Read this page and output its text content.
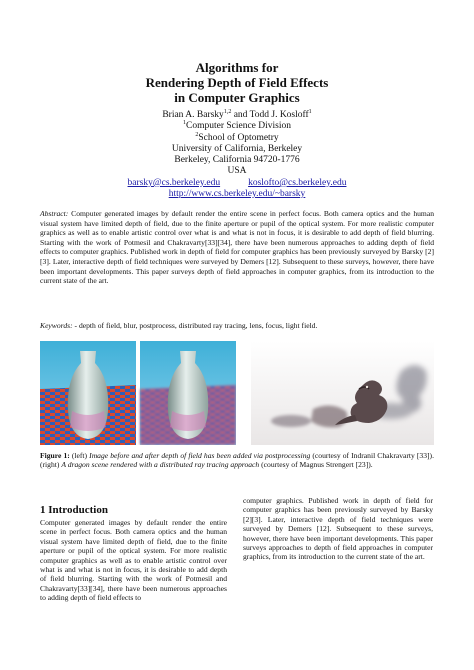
Algorithms for
Rendering Depth of Field Effects
in Computer Graphics
Brian A. Barsky$^{1,2}$ and Todd J. Kosloff$^1$
$^1$Computer Science Division
$^2$School of Optometry
University of California, Berkeley
Berkeley, California 94720-1776
USA
barsky@cs.berkeley.edu	koslofto@cs.berkeley.edu
http://www.cs.berkeley.edu/~barsky
Abstract: Computer generated images by default render the entire scene in perfect focus. Both camera optics and the human visual system have limited depth of field, due to the finite aperture or pupil of the optical system. For more realistic computer graphics as well as to enable artistic control over what is and what is not in focus, it is desirable to add depth of field blurring. Starting with the work of Potmesil and Chakravarty[33][34], there have been numerous approaches to adding depth of field effects to computer graphics. Published work in depth of field for computer graphics has been previously surveyed by Barsky [2][3]. Later, interactive depth of field techniques were surveyed by Demers [12]. Subsequent to these surveys, however, there have been important developments. This paper surveys depth of field approaches in computer graphics, from its introduction to the current state of the art.
Keywords: - depth of field, blur, postprocess, distributed ray tracing, lens, focus, light field.
Figure 1: (left) Image before and after depth of field has been added via postprocessing (courtesy of Indranil Chakravarty [33]). (right) A dragon scene rendered with a distributed ray tracing approach (courtesy of Magnus Strengert [23]).
1 Introduction
Computer generated images by default render the entire scene in perfect focus. Both camera optics and the human visual system have limited depth of field, due to the finite aperture or pupil of the optical system. For more realistic computer graphics as well as to enable artistic control over what is and what is not in focus, it is desirable to add depth of field blurring. Starting with the work of Potmesil and Chakravarty[33][34], there have been numerous approaches to adding depth of field effects to
computer graphics. Published work in depth of field for computer graphics has been previously surveyed by Barsky [2][3]. Later, interactive depth of field techniques were surveyed by Demers [12]. Subsequent to these surveys, however, there have been important developments. This paper surveys approaches to depth of field approaches in computer graphics, from its introduction to the current state of the art.
